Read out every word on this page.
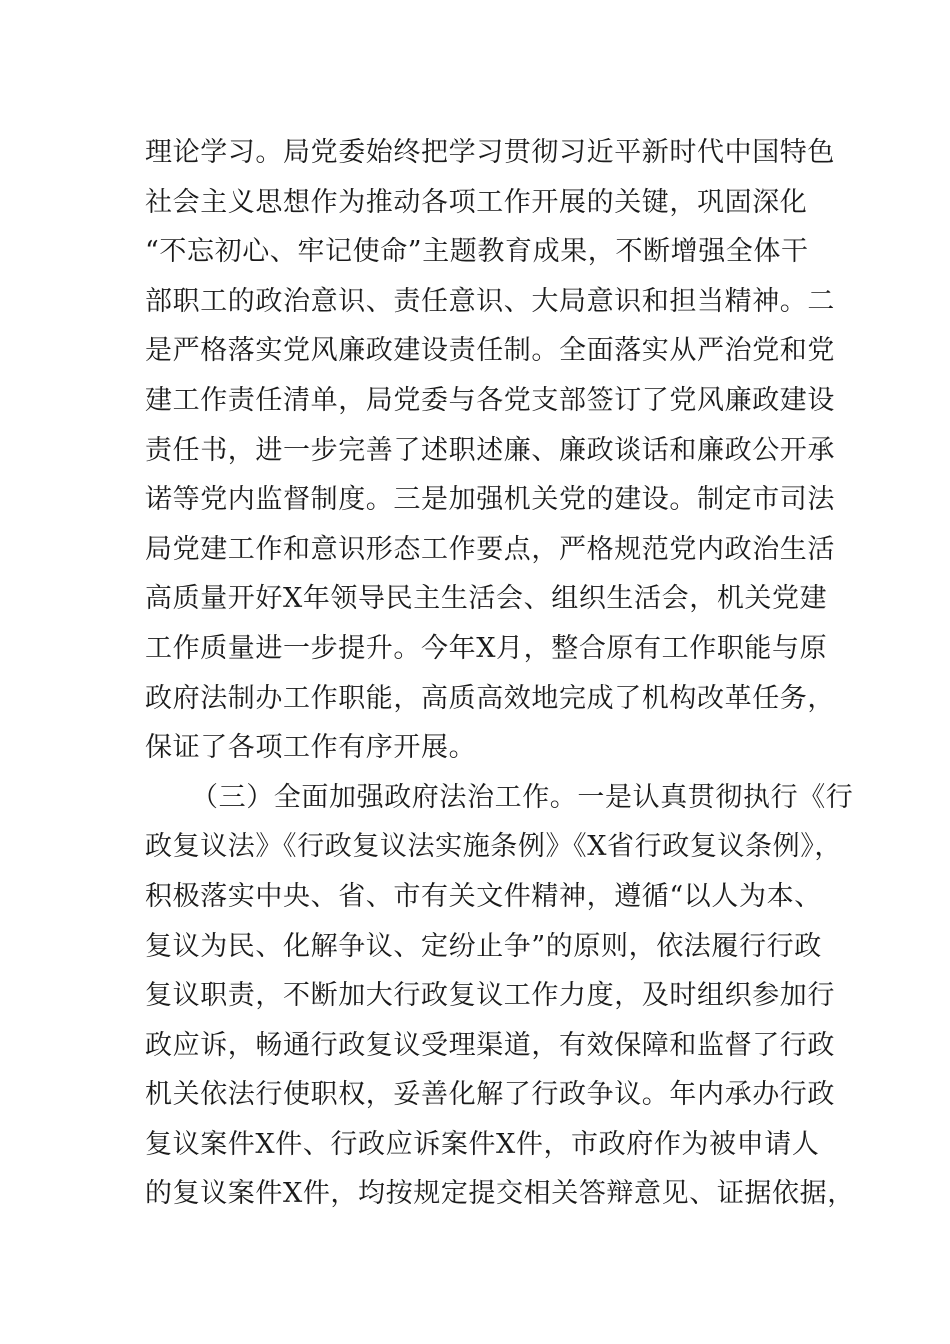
理论学习。局党委始终把学习贯彻习近平新时代中国特色
社会主义思想作为推动各项工作开展的关键，巩固深化
“不忘初心、牢记使命”主题教育成果，不断增强全体干
部职工的政治意识、责任意识、大局意识和担当精神。二
是严格落实党风廉政建设责任制。全面落实从严治党和党
建工作责任清单，局党委与各党支部签订了党风廉政建设
责任书，进一步完善了述职述廉、廉政谈话和廉政公开承
诺等党内监督制度。三是加强机关党的建设。制定市司法
局党建工作和意识形态工作要点，严格规范党内政治生活
高质量开好X年领导民主生活会、组织生活会，机关党建
工作质量进一步提升。今年X月，整合原有工作职能与原
政府法制办工作职能，高质高效地完成了机构改革任务，
保证了各项工作有序开展。
（三）全面加强政府法治工作。一是认真贯彻执行《行
政复议法》《行政复议法实施条例》《X省行政复议条例》，
积极落实中央、省、市有关文件精神，遵循“以人为本、
复议为民、化解争议、定纷止争”的原则，依法履行行政
复议职责，不断加大行政复议工作力度，及时组织参加行
政应诉，畅通行政复议受理渠道，有效保障和监督了行政
机关依法行使职权，妥善化解了行政争议。年内承办行政
复议案件X件、行政应诉案件X件，市政府作为被申请人
的复议案件X件，均按规定提交相关答辩意见、证据依据，
